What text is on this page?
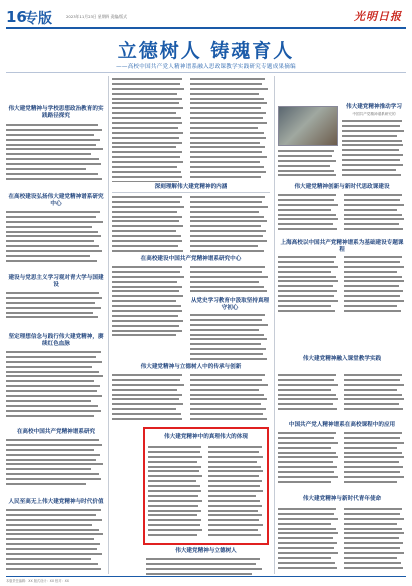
16
专版	2023年11月23日 星期四 责编/版式	光明日报
立德树人 铸魂育人
——高校中国共产党人精神谱系融入思政课教学实践研究专题成果摘编
伟大建党精神与学校思想政治教育的实践路径探究
在高校建设弘扬伟大建党精神谱系研究中心
建设与党思主义学习观对青大学与国建设
坚定理想信念与践行伟大建党精神，赓续红色血脉
在高校中国共产党精神谱系研究
人民至高无上伟大建党精神与时代价值
深刻理解伟大建党精神的内涵
在高校建设中国共产党精神谱系研究中心
从党史学习教育中汲取坚持真理守初心
伟大建党精神与立德树人中的传承与创新
伟大建党精神中的真理伟大的体现
伟大建党精神与立德树人
伟大建党精神推动学习
中国共产党精神谱系研究的
伟大建党精神创新与新时代思政课建设
上海高校以中国共产党精神谱系为基础建设专题课程
伟大建党精神融入课堂教学实践
中国共产党人精神谱系在高校课程中的应用
伟大建党精神与新时代青年使命
本版责任编辑：XX 版式设计：XX 校对：XX
